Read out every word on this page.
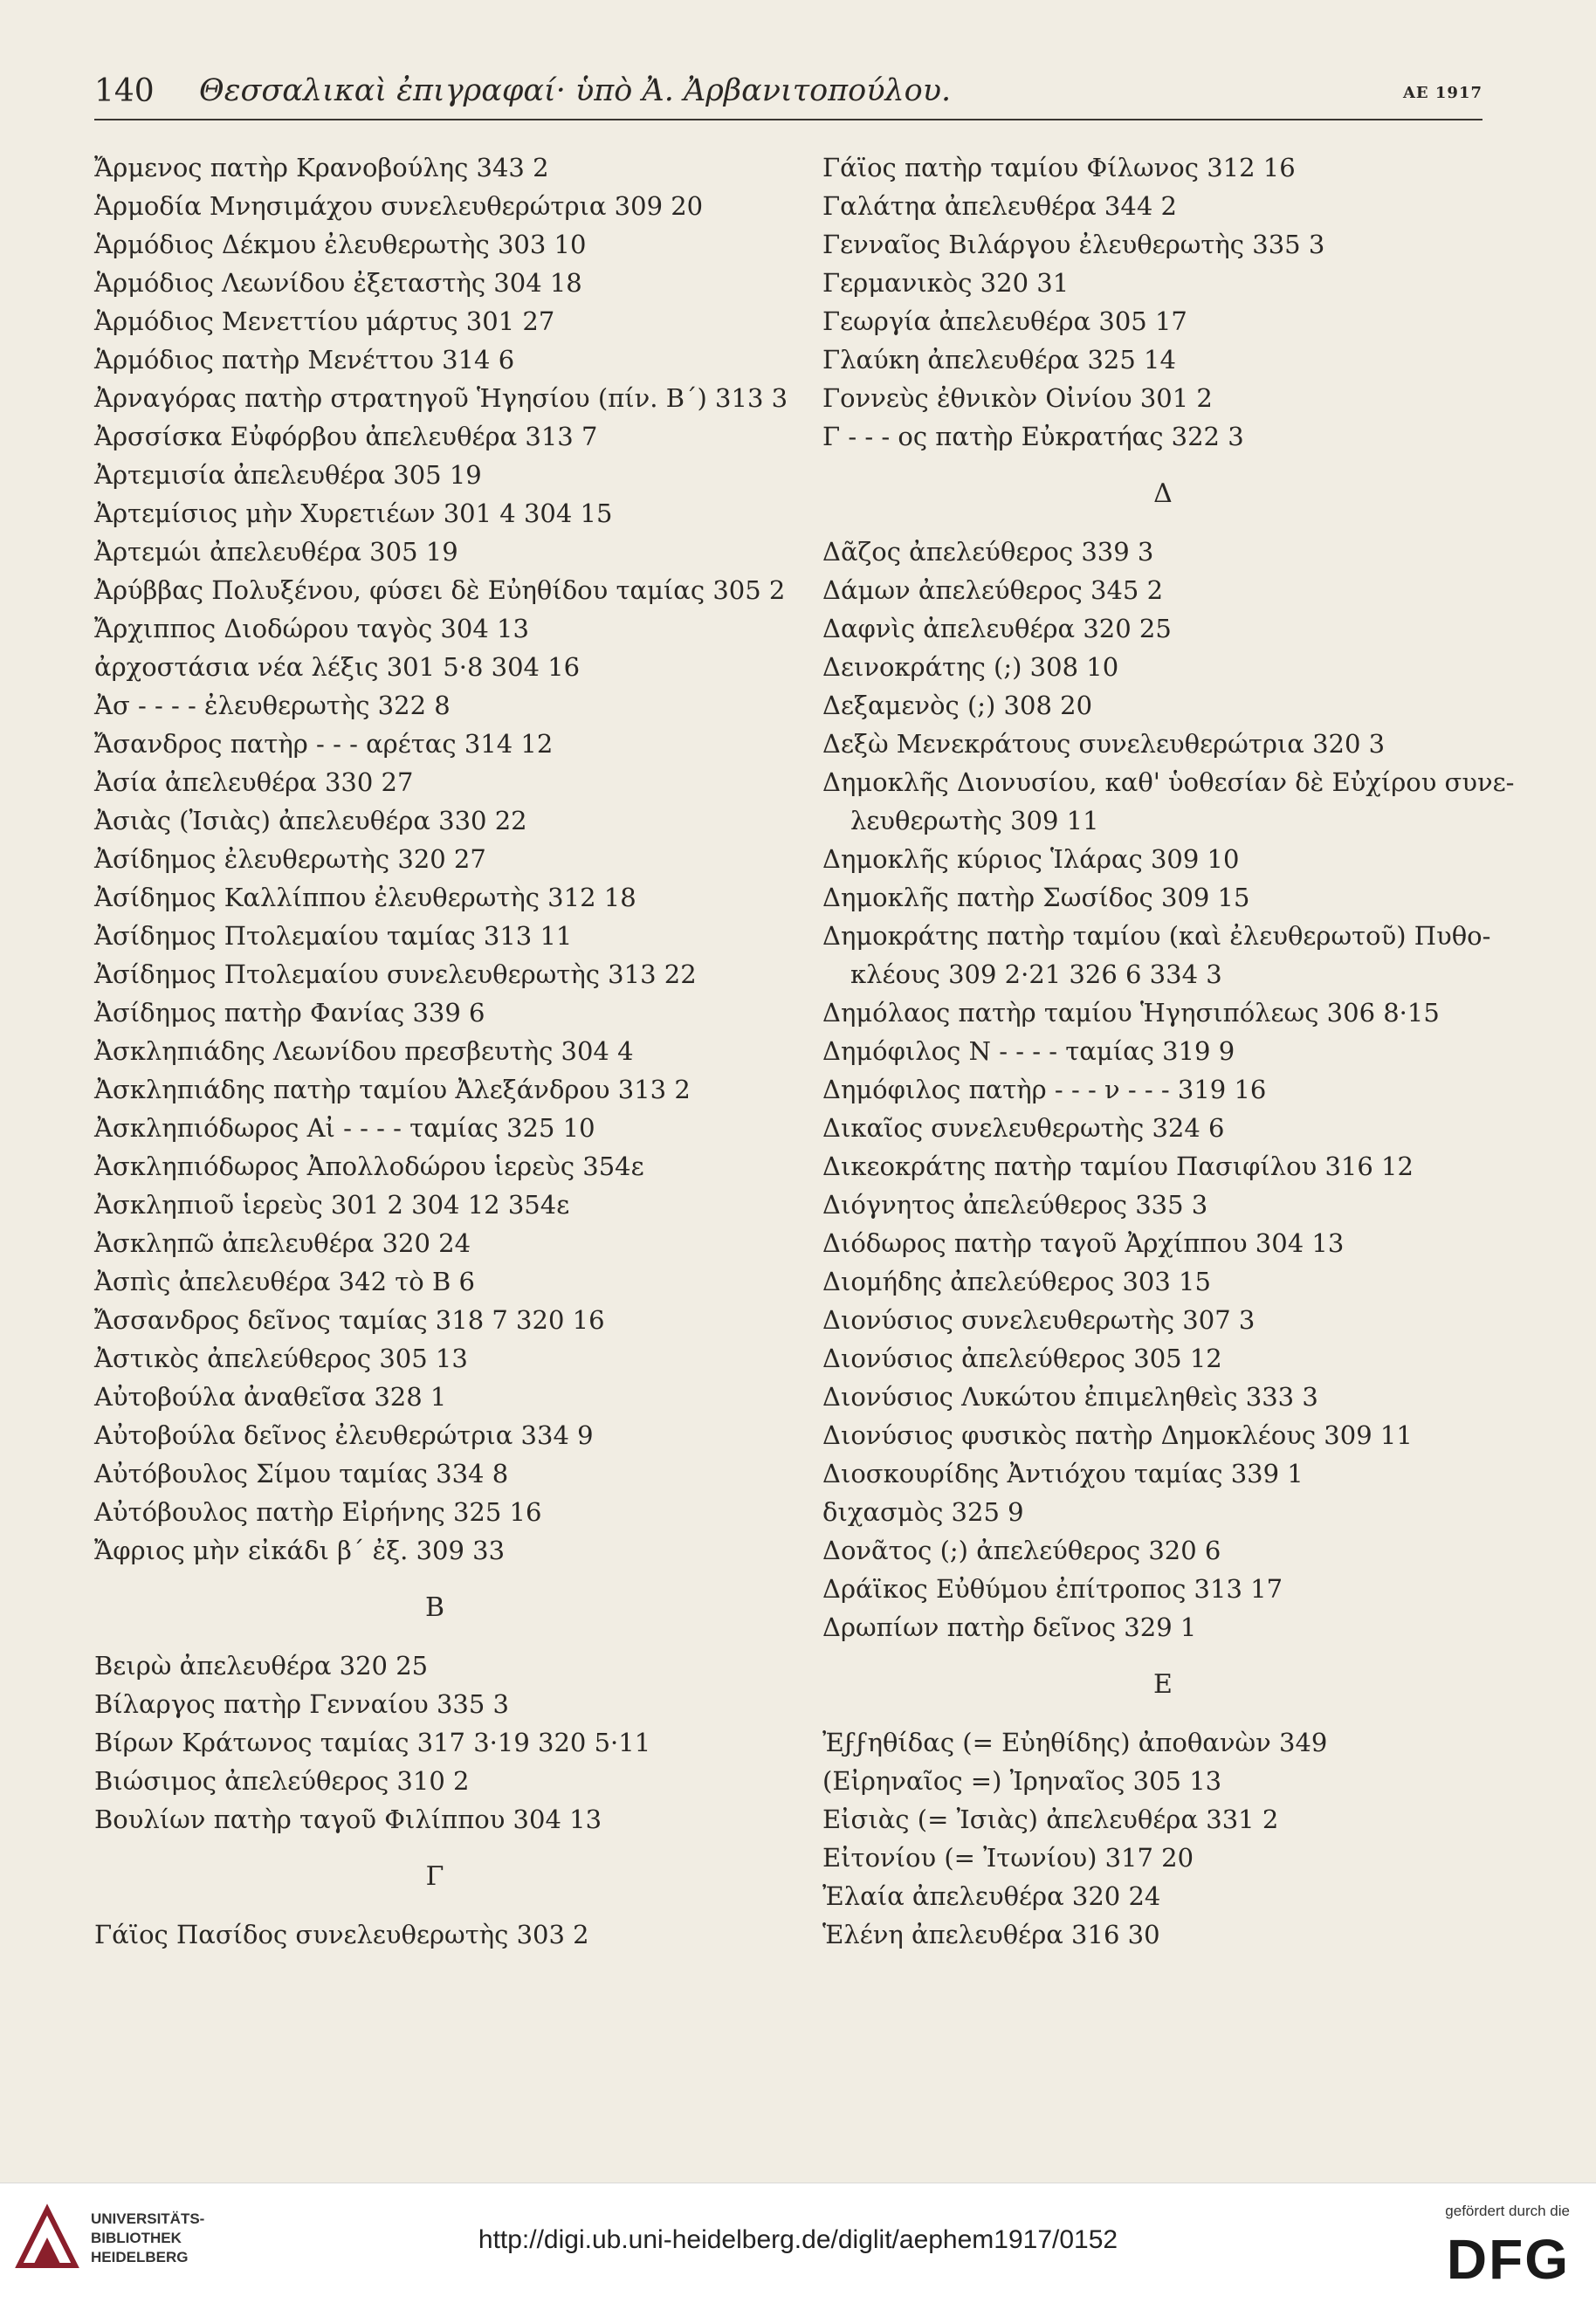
140 Θεσσαλικαὶ ἐπιγραφαί· ὑπὸ Ἀ. Ἀρβανιτοπούλου.	ΑΕ 1917
Ἄρμενος πατὴρ Κρανοβούλης 343 2
Ἁρμοδία Μνησιμάχου συνελευθερώτρια 309 20
Ἁρμόδιος Δέκμου ἐλευθερωτὴς 303 10
Ἁρμόδιος Λεωνίδου ἐξεταστὴς 304 18
Ἁρμόδιος Μενεττίου μάρτυς 301 27
Ἁρμόδιος πατὴρ Μενέττου 314 6
Ἀρναγόρας πατὴρ στρατηγοῦ Ἡγησίου (πίν. Β΄) 313 3
Ἀρσσίσκα Εὐφόρβου ἀπελευθέρα 313 7
Ἀρτεμισία ἀπελευθέρα 305 19
Ἀρτεμίσιος μὴν Χυρετιέων 301 4 304 15
Ἀρτεμώι ἀπελευθέρα 305 19
Ἀρύββας Πολυξένου, φύσει δὲ Εὐηθίδου ταμίας 305 2
Ἄρχιππος Διοδώρου ταγὸς 304 13
ἀρχοστάσια νέα λέξις 301 5·8 304 16
Ἀσ - - - - ἐλευθερωτὴς 322 8
Ἄσανδρος πατὴρ - - - αρέτας 314 12
Ἀσία ἀπελευθέρα 330 27
Ἀσιὰς (Ἰσιὰς) ἀπελευθέρα 330 22
Ἀσίδημος ἐλευθερωτὴς 320 27
Ἀσίδημος Καλλίππου ἐλευθερωτὴς 312 18
Ἀσίδημος Πτολεμαίου ταμίας 313 11
Ἀσίδημος Πτολεμαίου συνελευθερωτὴς 313 22
Ἀσίδημος πατὴρ Φανίας 339 6
Ἀσκληπιάδης Λεωνίδου πρεσβευτὴς 304 4
Ἀσκληπιάδης πατὴρ ταμίου Ἀλεξάνδρου 313 2
Ἀσκληπιόδωρος Αἰ - - - - ταμίας 325 10
Ἀσκληπιόδωρος Ἀπολλοδώρου ἱερεὺς 354ε
Ἀσκληπιοῦ ἱερεὺς 301 2 304 12 354ε
Ἀσκληπῶ ἀπελευθέρα 320 24
Ἀσπὶς ἀπελευθέρα 342 τὸ Β 6
Ἄσσανδρος δεῖνος ταμίας 318 7 320 16
Ἀστικὸς ἀπελεύθερος 305 13
Αὐτοβούλα ἀναθεῖσα 328 1
Αὐτοβούλα δεῖνος ἐλευθερώτρια 334 9
Αὐτόβουλος Σίμου ταμίας 334 8
Αὐτόβουλος πατὴρ Εἰρήνης 325 16
Ἄφριος μὴν εἰκάδι β΄ ἐξ. 309 33
Β
Βειρὼ ἀπελευθέρα 320 25
Βίλαργος πατὴρ Γενναίου 335 3
Βίρων Κράτωνος ταμίας 317 3·19 320 5·11
Βιώσιμος ἀπελεύθερος 310 2
Βουλίων πατὴρ ταγοῦ Φιλίππου 304 13
Γ
Γάϊος Πασίδος συνελευθερωτὴς 303 2
Γάϊος πατὴρ ταμίου Φίλωνος 312 16
Γαλάτηα ἀπελευθέρα 344 2
Γενναῖος Βιλάργου ἐλευθερωτὴς 335 3
Γερμανικὸς 320 31
Γεωργία ἀπελευθέρα 305 17
Γλαύκη ἀπελευθέρα 325 14
Γοννεὺς ἐθνικὸν Οἰνίου 301 2
Γ - - - ος πατὴρ Εὐκρατήας 322 3
Δ
Δᾶζος ἀπελεύθερος 339 3
Δάμων ἀπελεύθερος 345 2
Δαφνὶς ἀπελευθέρα 320 25
Δεινοκράτης (;) 308 10
Δεξαμενὸς (;) 308 20
Δεξὼ Μενεκράτους συνελευθερώτρια 320 3
Δημοκλῆς Διονυσίου, καθ' ὑοθεσίαν δὲ Εὐχίρου συνε-
λευθερωτὴς 309 11
Δημοκλῆς κύριος Ἱλάρας 309 10
Δημοκλῆς πατὴρ Σωσίδος 309 15
Δημοκράτης πατὴρ ταμίου (καὶ ἐλευθερωτοῦ) Πυθο-
κλέους 309 2·21 326 6 334 3
Δημόλαος πατὴρ ταμίου Ἡγησιπόλεως 306 8·15
Δημόφιλος Ν - - - - ταμίας 319 9
Δημόφιλος πατὴρ - - - ν - - - 319 16
Δικαῖος συνελευθερωτὴς 324 6
Δικεοκράτης πατὴρ ταμίου Πασιφίλου 316 12
Διόγνητος ἀπελεύθερος 335 3
Διόδωρος πατὴρ ταγοῦ Ἀρχίππου 304 13
Διομήδης ἀπελεύθερος 303 15
Διονύσιος συνελευθερωτὴς 307 3
Διονύσιος ἀπελεύθερος 305 12
Διονύσιος Λυκώτου ἐπιμεληθεὶς 333 3
Διονύσιος φυσικὸς πατὴρ Δημοκλέους 309 11
Διοσκουρίδης Ἀντιόχου ταμίας 339 1
διχασμὸς 325 9
Δονᾶτος (;) ἀπελεύθερος 320 6
Δράϊκος Εὐθύμου ἐπίτροπος 313 17
Δρωπίων πατὴρ δεῖνος 329 1
Ε
Ἐϝϝηθίδας (= Εὐηθίδης) ἀποθανὼν 349
(Εἰρηναῖος =) Ἰρηναῖος 305 13
Εἰσιὰς (= Ἰσιὰς) ἀπελευθέρα 331 2
Εἰτονίου (= Ἰτωνίου) 317 20
Ἐλαία ἀπελευθέρα 320 24
Ἑλένη ἀπελευθέρα 316 30
UNIVERSITÄTS-
BIBLIOTHEK
HEIDELBERG
http://digi.ub.uni-heidelberg.de/diglit/aephem1917/0152
gefördert durch die
DFG
